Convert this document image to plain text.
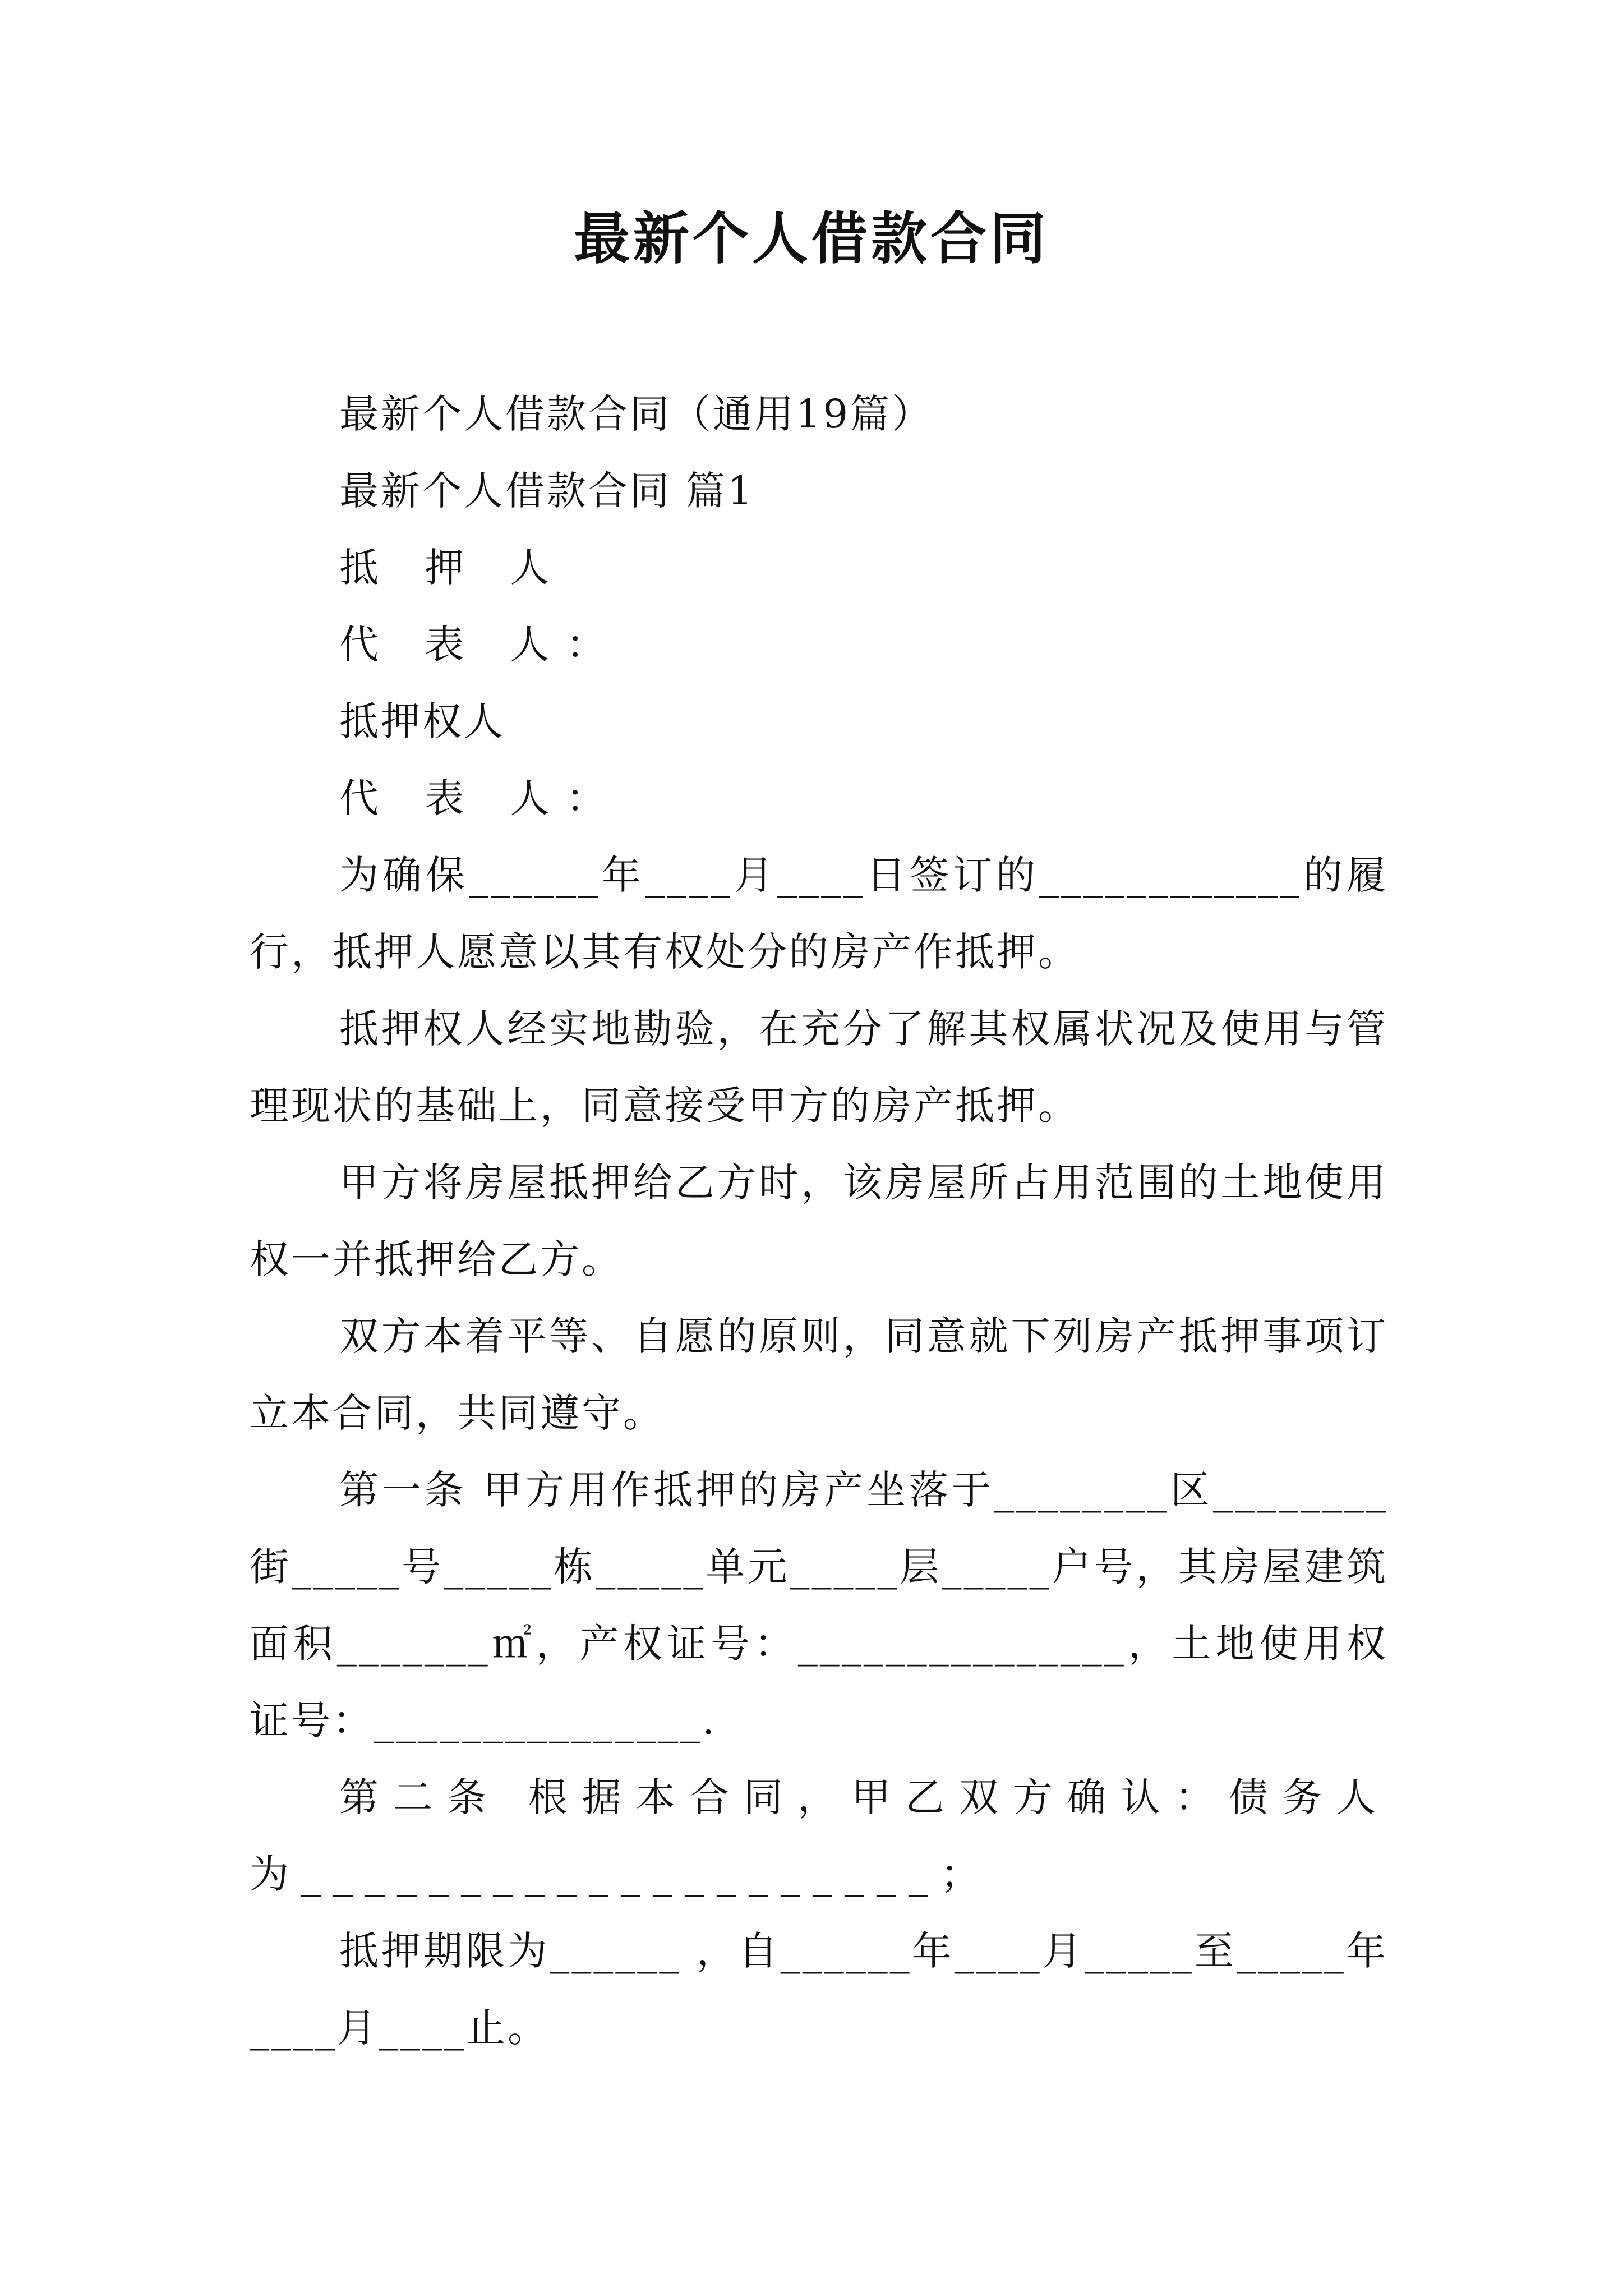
最新个人借款合同

最新个人借款合同（通用19篇）

最新个人借款合同 篇1

抵 押 人

代 表 人：

抵押权人

代 表 人：

为确保______年____月____日签订的____________的履行，抵押人愿意以其有权处分的房产作抵押。

抵押权人经实地勘验，在充分了解其权属状况及使用与管理现状的基础上，同意接受甲方的房产抵押。

甲方将房屋抵押给乙方时，该房屋所占用范围的土地使用权一并抵押给乙方。

双方本着平等、自愿的原则，同意就下列房产抵押事项订立本合同，共同遵守。

第一条 甲方用作抵押的房产坐落于________区________街_____号_____栋_____单元_____层_____户号，其房屋建筑面积_______㎡，产权证号：_______________，土地使用权证号：_______________.

第二条 根据本合同，甲乙双方确认：债务人为____________________；

抵押期限为______ ，自______年____月_____至_____年____月____止。
